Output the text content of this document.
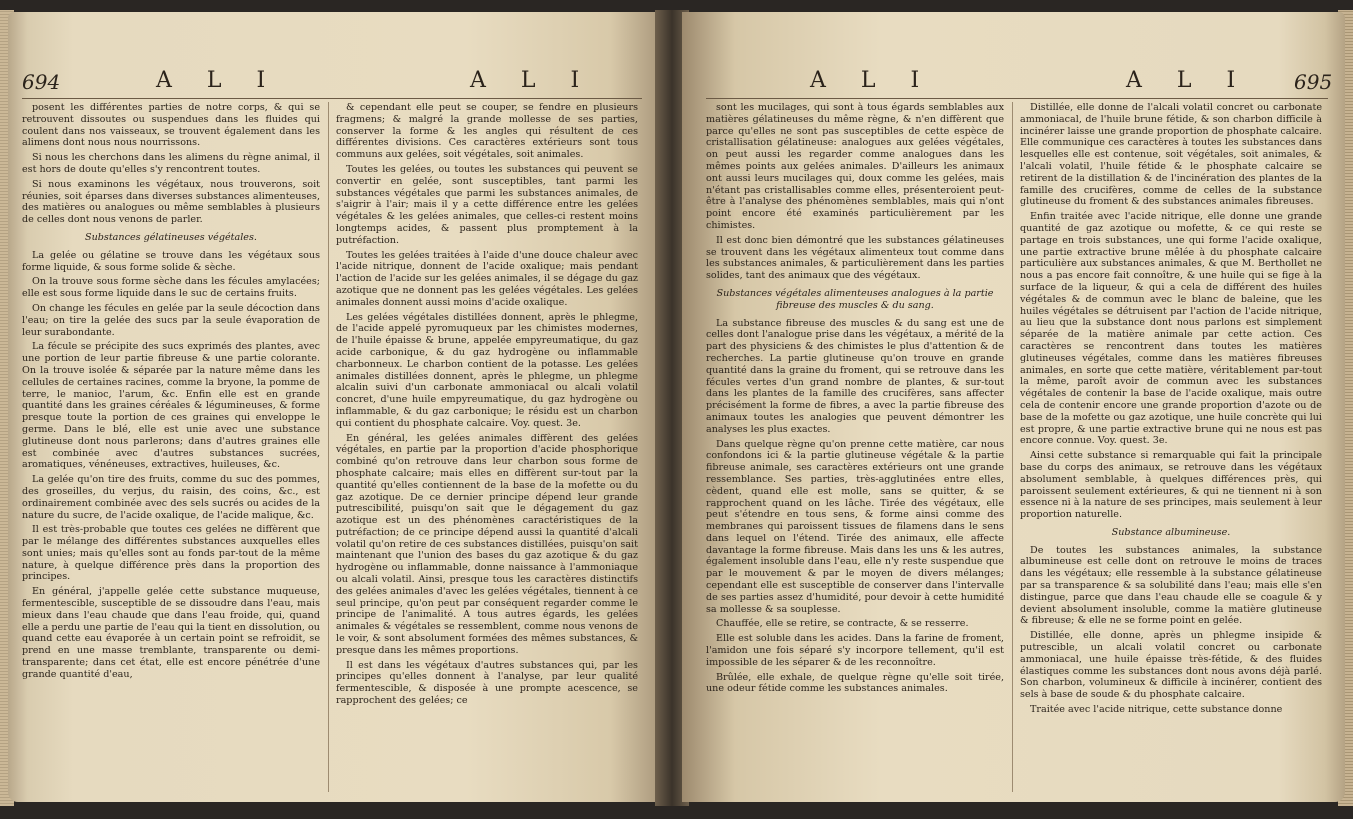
694	A L I	A L I

posent les différentes parties de notre corps, & qui se retrouvent dissoutes ou suspendues dans les fluides qui coulent dans nos vaisseaux, se trouvent également dans les alimens dont nous nous nourrissons.

Si nous les cherchons dans les alimens du règne animal, il est hors de doute qu'elles s'y rencontrent toutes.

Si nous examinons les végétaux, nous trouverons, soit réunies, soit éparses dans diverses substances alimenteuses, des matières ou analogues ou même semblables à plusieurs de celles dont nous venons de parler.

Substances gélatineuses végétales.

La gelée ou gélatine se trouve dans les végétaux sous forme liquide, & sous forme solide & sèche.

On la trouve sous forme sèche dans les fécules amylacées; elle est sous forme liquide dans le suc de certains fruits.

On change les fécules en gelée par la seule décoction dans l'eau; on tire la gelée des sucs par la seule évaporation de leur surabondante.

La fécule se précipite des sucs exprimés des plantes, avec une portion de leur partie fibreuse & une partie colorante. On la trouve isolée & séparée par la nature même dans les cellules de certaines racines, comme la bryone, la pomme de terre, le manioc, l'arum, &c. Enfin elle est en grande quantité dans les graines céréales & légumineuses, & forme presque toute la portion de ces graines qui enveloppe le germe. Dans le blé, elle est unie avec une substance glutineuse dont nous parlerons; dans d'autres graines elle est combinée avec d'autres substances sucrées, aromatiques, vénéneuses, extractives, huileuses, &c.

La gelée qu'on tire des fruits, comme du suc des pommes, des groseilles, du verjus, du raisin, des coins, &c., est ordinairement combinée avec des sels sucrés ou acides de la nature du sucre, de l'acide oxalique, de l'acide malique, &c.

Il est très-probable que toutes ces gelées ne diffèrent que par le mélange des différentes substances auxquelles elles sont unies; mais qu'elles sont au fonds par-tout de la même nature, à quelque différence près dans la proportion des principes.

En général, j'appelle gelée cette substance muqueuse, fermentescible, susceptible de se dissoudre dans l'eau, mais mieux dans l'eau chaude que dans l'eau froide, qui, quand elle a perdu une partie de l'eau qui la tient en dissolution, ou quand cette eau évaporée à un certain point se refroidit, se prend en une masse tremblante, transparente ou demi-transparente; dans cet état, elle est encore pénétrée d'une grande quantité d'eau,

& cependant elle peut se couper, se fendre en plusieurs fragmens; & malgré la grande mollesse de ses parties, conserver la forme & les angles qui résultent de ces différentes divisions. Ces caractères extérieurs sont tous communs aux gelées, soit végétales, soit animales.

Toutes les gelées, ou toutes les substances qui peuvent se convertir en gelée, sont susceptibles, tant parmi les substances végétales que parmi les substances animales, de s'aigrir à l'air; mais il y a cette différence entre les gelées végétales & les gelées animales, que celles-ci restent moins longtemps acides, & passent plus promptement à la putréfaction.

Toutes les gelées traitées à l'aide d'une douce chaleur avec l'acide nitrique, donnent de l'acide oxalique; mais pendant l'action de l'acide sur les gelées animales, il se dégage du gaz azotique que ne donnent pas les gelées végétales. Les gelées animales donnent aussi moins d'acide oxalique.

Les gelées végétales distillées donnent, après le phlegme, de l'acide appelé pyromuqueux par les chimistes modernes, de l'huile épaisse & brune, appelée empyreumatique, du gaz acide carbonique, & du gaz hydrogène ou inflammable charbonneux. Le charbon contient de la potasse. Les gelées animales distillées donnent, après le phlegme, un phlegme alcalin suivi d'un carbonate ammoniacal ou alcali volatil concret, d'une huile empyreumatique, du gaz hydrogène ou inflammable, & du gaz carbonique; le résidu est un charbon qui contient du phosphate calcaire. Voy. quest. 3e.

En général, les gelées animales diffèrent des gelées végétales, en partie par la proportion d'acide phosphorique combiné qu'on retrouve dans leur charbon sous forme de phosphate calcaire; mais elles en diffèrent sur-tout par la quantité qu'elles contiennent de la base de la mofette ou du gaz azotique. De ce dernier principe dépend leur grande putrescibilité, puisqu'on sait que le dégagement du gaz azotique est un des phénomènes caractéristiques de la putréfaction; de ce principe dépend aussi la quantité d'alcali volatil qu'on retire de ces substances distillées, puisqu'on sait maintenant que l'union des bases du gaz azotique & du gaz hydrogène ou inflammable, donne naissance à l'ammoniaque ou alcali volatil. Ainsi, presque tous les caractères distinctifs des gelées animales d'avec les gelées végétales, tiennent à ce seul principe, qu'on peut par conséquent regarder comme le principe de l'animalité. A tous autres égards, les gelées animales & végétales se ressemblent, comme nous venons de le voir, & sont absolument formées des mêmes substances, & presque dans les mêmes proportions.

Il est dans les végétaux d'autres substances qui, par les principes qu'elles donnent à l'analyse, par leur qualité fermentescible, & disposée à une prompte acescence, se rapprochent des gelées; ce

A L I	A L I 695

sont les mucilages, qui sont à tous égards semblables aux matières gélatineuses du même règne, & n'en diffèrent que parce qu'elles ne sont pas susceptibles de cette espèce de cristallisation gélatineuse: analogues aux gelées végétales, on peut aussi les regarder comme analogues dans les mêmes points aux gelées animales. D'ailleurs les animaux ont aussi leurs mucilages qui, doux comme les gelées, mais n'étant pas cristallisables comme elles, présenteroient peut-être à l'analyse des phénomènes semblables, mais qui n'ont point encore été examinés particulièrement par les chimistes.

Il est donc bien démontré que les substances gélatineuses se trouvent dans les végétaux alimenteux tout comme dans les substances animales, & particulièrement dans les parties solides, tant des animaux que des végétaux.

Substances végétales alimenteuses analogues à la partie fibreuse des muscles & du sang.

La substance fibreuse des muscles & du sang est une de celles dont l'analogue prise dans les végétaux, a mérité de la part des physiciens & des chimistes le plus d'attention & de recherches. La partie glutineuse qu'on trouve en grande quantité dans la graine du froment, qui se retrouve dans les fécules vertes d'un grand nombre de plantes, & sur-tout dans les plantes de la famille des crucifères, sans affecter précisément la forme de fibres, a avec la partie fibreuse des animaux toutes les analogies que peuvent démontrer les analyses les plus exactes.

Dans quelque règne qu'on prenne cette matière, car nous confondons ici & la partie glutineuse végétale & la partie fibreuse animale, ses caractères extérieurs ont une grande ressemblance. Ses parties, très-agglutinées entre elles, cèdent, quand elle est molle, sans se quitter, & se rapprochent quand on les lâche. Tirée des végétaux, elle peut s'étendre en tous sens, & forme ainsi comme des membranes qui paroissent tissues de filamens dans le sens dans lequel on l'étend. Tirée des animaux, elle affecte davantage la forme fibreuse. Mais dans les uns & les autres, également insoluble dans l'eau, elle n'y reste suspendue que par le mouvement & par le moyen de divers mélanges; cependant elle est susceptible de conserver dans l'intervalle de ses parties assez d'humidité, pour devoir à cette humidité sa mollesse & sa souplesse.

Chauffée, elle se retire, se contracte, & se resserre.

Elle est soluble dans les acides. Dans la farine de froment, l'amidon une fois séparé s'y incorpore tellement, qu'il est impossible de les séparer & de les reconnoître.

Brûlée, elle exhale, de quelque règne qu'elle soit tirée, une odeur fétide comme les substances animales.

Distillée, elle donne de l'alcali volatil concret ou carbonate ammoniacal, de l'huile brune fétide, & son charbon difficile à incinérer laisse une grande proportion de phosphate calcaire. Elle communique ces caractères à toutes les substances dans lesquelles elle est contenue, soit végétales, soit animales, & l'alcali volatil, l'huile fétide & le phosphate calcaire se retirent de la distillation & de l'incinération des plantes de la famille des crucifères, comme de celles de la substance glutineuse du froment & des substances animales fibreuses.

Enfin traitée avec l'acide nitrique, elle donne une grande quantité de gaz azotique ou mofette, & ce qui reste se partage en trois substances, une qui forme l'acide oxalique, une partie extractive brune mêlée à du phosphate calcaire particulière aux substances animales, & que M. Berthollet ne nous a pas encore fait connoître, & une huile qui se fige à la surface de la liqueur, & qui a cela de différent des huiles végétales & de commun avec le blanc de baleine, que les huiles végétales se détruisent par l'action de l'acide nitrique, au lieu que la substance dont nous parlons est simplement séparée de la matière animale par cette action. Ces caractères se rencontrent dans toutes les matières glutineuses végétales, comme dans les matières fibreuses animales, en sorte que cette matière, véritablement par-tout la même, paroît avoir de commun avec les substances végétales de contenir la base de l'acide oxalique, mais outre cela de contenir encore une grande proportion d'azote ou de base de la mofette ou gaz azotique, une huile concrète qui lui est propre, & une partie extractive brune qui ne nous est pas encore connue. Voy. quest. 3e.

Ainsi cette substance si remarquable qui fait la principale base du corps des animaux, se retrouve dans les végétaux absolument semblable, à quelques différences près, qui paroissent seulement extérieures, & qui ne tiennent ni à son essence ni à la nature de ses principes, mais seulement à leur proportion naturelle.

Substance albumineuse.

De toutes les substances animales, la substance albumineuse est celle dont on retrouve le moins de traces dans les végétaux; elle ressemble à la substance gélatineuse par sa transparence & sa solubilité dans l'eau; mais elle s'en distingue, parce que dans l'eau chaude elle se coagule & y devient absolument insoluble, comme la matière glutineuse & fibreuse; & elle ne se forme point en gelée.

Distillée, elle donne, après un phlegme insipide & putrescible, un alcali volatil concret ou carbonate ammoniacal, une huile épaisse très-fétide, & des fluides élastiques comme les substances dont nous avons déjà parlé. Son charbon, volumineux & difficile à incinérer, contient des sels à base de soude & du phosphate calcaire.

Traitée avec l'acide nitrique, cette substance donne
